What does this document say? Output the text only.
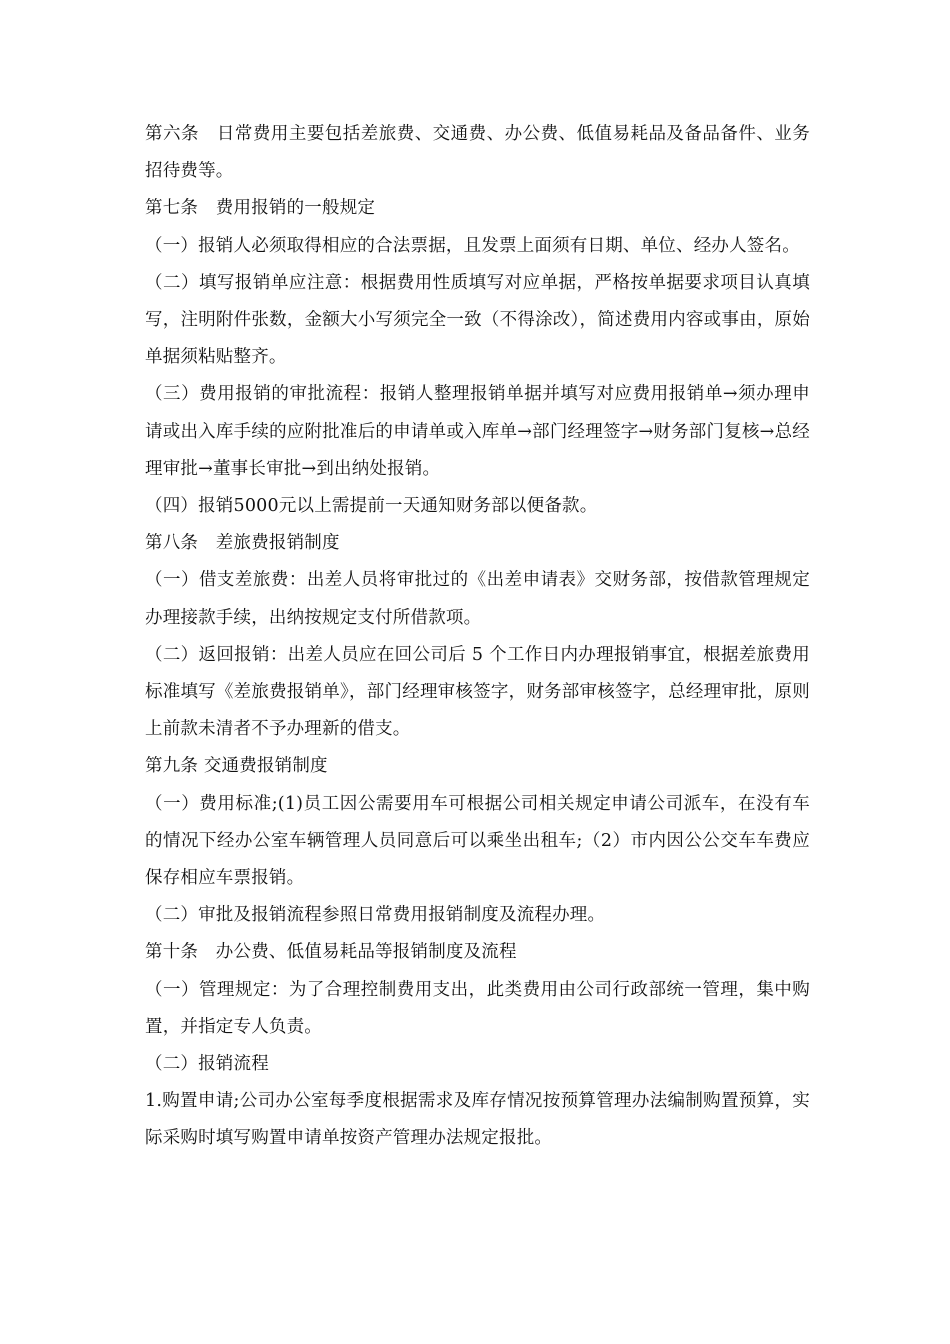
第六条　日常费用主要包括差旅费、交通费、办公费、低值易耗品及备品备件、业务招待费等。

第七条　费用报销的一般规定

（一）报销人必须取得相应的合法票据，且发票上面须有日期、单位、经办人签名。

（二）填写报销单应注意：根据费用性质填写对应单据，严格按单据要求项目认真填写，注明附件张数，金额大小写须完全一致（不得涂改），简述费用内容或事由，原始单据须粘贴整齐。

（三）费用报销的审批流程：报销人整理报销单据并填写对应费用报销单→须办理申请或出入库手续的应附批准后的申请单或入库单→部门经理签字→财务部门复核→总经理审批→董事长审批→到出纳处报销。

（四）报销5000元以上需提前一天通知财务部以便备款。

第八条　差旅费报销制度

（一）借支差旅费：出差人员将审批过的《出差申请表》交财务部，按借款管理规定办理接款手续，出纳按规定支付所借款项。

（二）返回报销：出差人员应在回公司后 5 个工作日内办理报销事宜，根据差旅费用标准填写《差旅费报销单》，部门经理审核签字，财务部审核签字，总经理审批，原则上前款未清者不予办理新的借支。

第九条 交通费报销制度

（一）费用标准;(1)员工因公需要用车可根据公司相关规定申请公司派车，在没有车的情况下经办公室车辆管理人员同意后可以乘坐出租车;（2）市内因公公交车车费应保存相应车票报销。

（二）审批及报销流程参照日常费用报销制度及流程办理。

第十条　办公费、低值易耗品等报销制度及流程

（一）管理规定：为了合理控制费用支出，此类费用由公司行政部统一管理，集中购置，并指定专人负责。

（二）报销流程

1.购置申请;公司办公室每季度根据需求及库存情况按预算管理办法编制购置预算，实际采购时填写购置申请单按资产管理办法规定报批。
